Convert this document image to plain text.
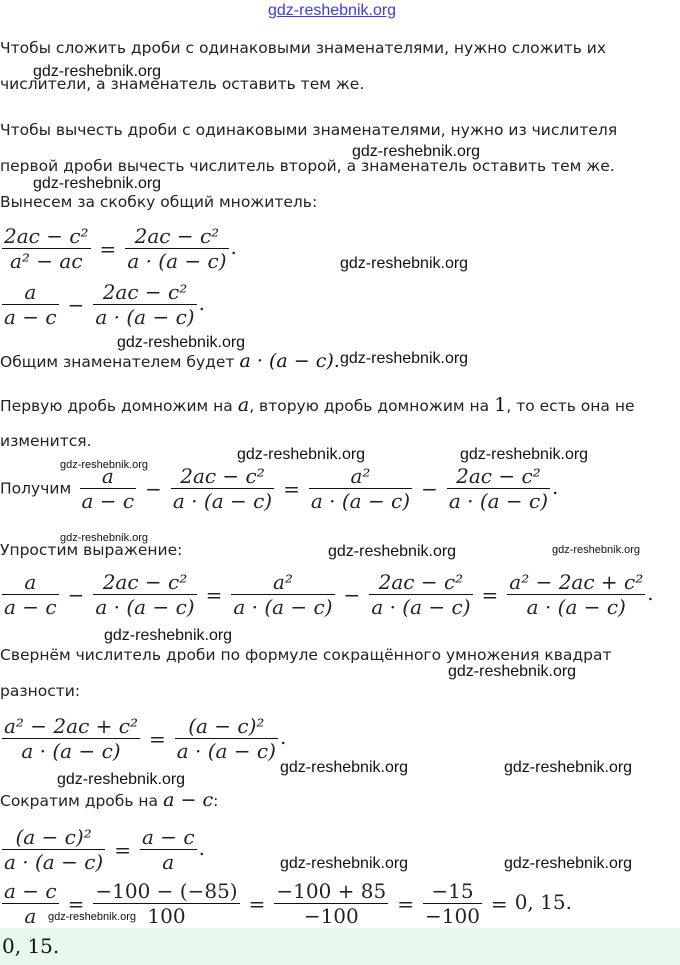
gdz-reshebnik.org
Чтобы сложить дроби с одинаковыми знаменателями, нужно сложить их
числители, а знаменатель оставить тем же.
gdz-reshebnik.org
Чтобы вычесть дроби с одинаковыми знаменателями, нужно из числителя
первой дроби вычесть числитель второй, а знаменатель оставить тем же.
gdz-reshebnik.org
gdz-reshebnik.org
Вынесем за скобку общий множитель:
$\frac{\text{2ac − c²}}{\text{a² − ac}} = \frac{\text{2ac − c²}}{a \cdot (a - c)}$ .
gdz-reshebnik.org
$\frac{a}{a - c} - \frac{\text{2ac − c²}}{a \cdot (a - c)}$ .
gdz-reshebnik.org
Общим знаменателем будет a · (a − c). gdz-reshebnik.org
Первую дробь домножим на a, вторую дробь домножим на 1, то есть она не
изменится.
gdz-reshebnik.org	gdz-reshebnik.org
gdz-reshebnik.org
Получим $\frac{a}{a - c} - \frac{\text{2ac − c²}}{a \cdot (a - c)} = \frac{\text{a²}}{a \cdot (a - c)} - \frac{\text{2ac − c²}}{a \cdot (a - c)}$ .
gdz-reshebnik.org
Упростим выражение:	gdz-reshebnik.org	gdz-reshebnik.org
$\frac{a}{a - c} - \frac{\text{2ac − c²}}{a \cdot (a - c)} = \frac{\text{a²}}{a \cdot (a - c)} - \frac{\text{2ac − c²}}{a \cdot (a - c)} = \frac{\text{a² − 2ac + c²}}{a \cdot (a - c)}$ .
gdz-reshebnik.org
Свернём числитель дроби по формуле сокращённого умножения квадрат
разности:
gdz-reshebnik.org
$\frac{\text{a² − 2ac + c²}}{a \cdot (a - c)} = \frac{\text{(a − c)²}}{a \cdot (a - c)}$ .
gdz-reshebnik.org	gdz-reshebnik.org
gdz-reshebnik.org
Сократим дробь на a − c:
$\frac{\text{(a − c)²}}{a \cdot (a - c)} = \frac{a - c}{a}$ .
gdz-reshebnik.org	gdz-reshebnik.org
$\frac{a - c}{a} = \frac{-100 - (-85)}{100} = \frac{-100 + 85}{-100} = \frac{-15}{-100} = 0$, 15.
gdz-reshebnik.org
0, 15.
